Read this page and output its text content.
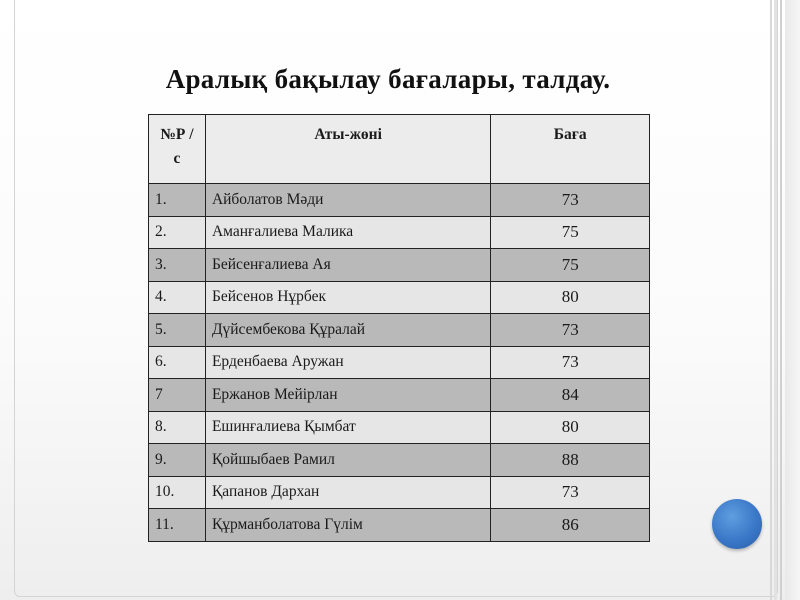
Аралық бақылау бағалары, талдау.
№Р /с	Аты-жөні	Баға
1.	Айболатов Мәди	73
2.	Аманғалиева Малика	75
3.	Бейсенғалиева Ая	75
4.	Бейсенов Нұрбек	80
5.	Дүйсембекова Құралай	73
6.	Ерденбаева Аружан	73
7	Ержанов Мейірлан	84
8.	Ешинғалиева Қымбат	80
9.	Қойшыбаев Рамил	88
10.	Қапанов Дархан	73
11.	Құрманболатова Гүлім	86
